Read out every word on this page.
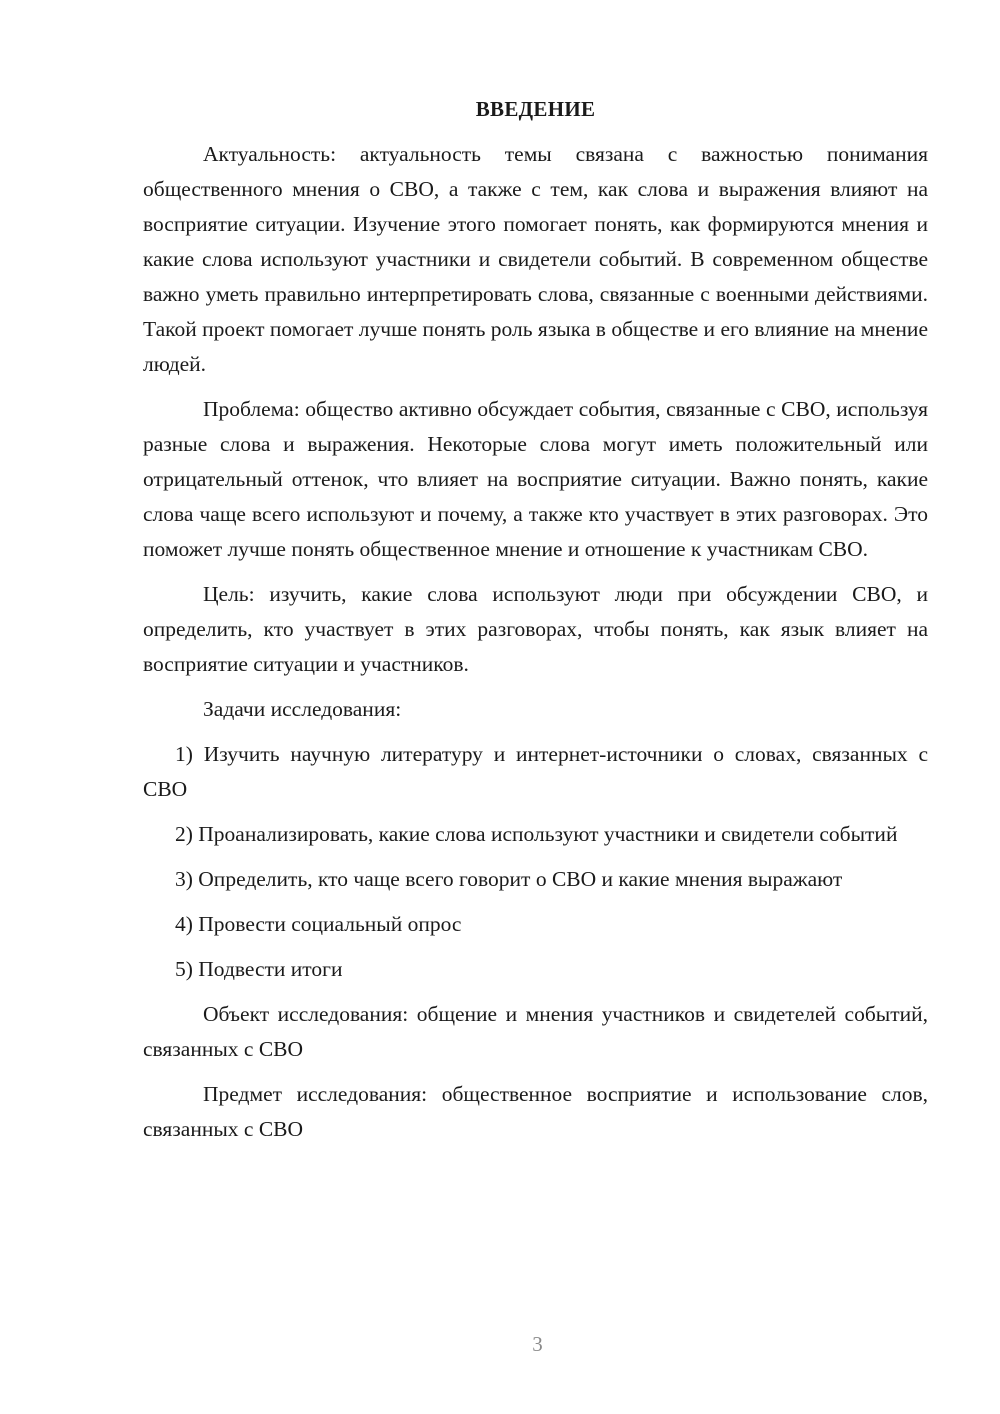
ВВЕДЕНИЕ

Актуальность: актуальность темы связана с важностью понимания общественного мнения о СВО, а также с тем, как слова и выражения влияют на восприятие ситуации. Изучение этого помогает понять, как формируются мнения и какие слова используют участники и свидетели событий. В современном обществе важно уметь правильно интерпретировать слова, связанные с военными действиями. Такой проект помогает лучше понять роль языка в обществе и его влияние на мнение людей.

Проблема: общество активно обсуждает события, связанные с СВО, используя разные слова и выражения. Некоторые слова могут иметь положительный или отрицательный оттенок, что влияет на восприятие ситуации. Важно понять, какие слова чаще всего используют и почему, а также кто участвует в этих разговорах. Это поможет лучше понять общественное мнение и отношение к участникам СВО.

Цель: изучить, какие слова используют люди при обсуждении СВО, и определить, кто участвует в этих разговорах, чтобы понять, как язык влияет на восприятие ситуации и участников.

Задачи исследования:

1) Изучить научную литературу и интернет-источники о словах, связанных с СВО

2) Проанализировать, какие слова используют участники и свидетели событий

3) Определить, кто чаще всего говорит о СВО и какие мнения выражают

4) Провести социальный опрос

5) Подвести итоги

Объект исследования: общение и мнения участников и свидетелей событий, связанных с СВО

Предмет исследования: общественное восприятие и использование слов, связанных с СВО

3
